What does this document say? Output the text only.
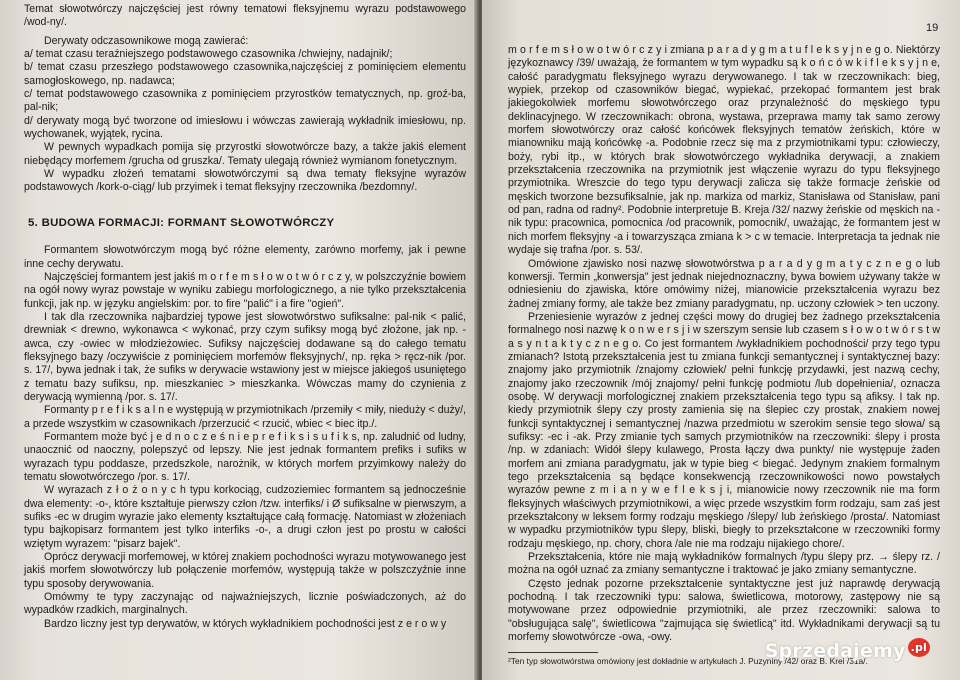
Temat słowotwórczy najczęściej jest równy tematowi fleksyjnemu wyrazu podstawowego /wod-ny/.

Derywaty odczasownikowe mogą zawierać:

a/ temat czasu teraźniejszego podstawowego czasownika /chwiejny, nadajnik/;

b/ temat czasu przeszłego podstawowego czasownika,najczęściej z pominięciem elementu samogłoskowego, np. nadawca;

c/ temat podstawowego czasownika z pominięciem przyrostków tematycznych, np. groź-ba, pal-nik;

d/ derywaty mogą być tworzone od imiesłowu i wówczas zawierają wykładnik imiesłowu, np. wychowanek, wyjątek, rycina.

W pewnych wypadkach pomija się przyrostki słowotwórcze bazy, a także jakiś element niebędący morfemem /grucha od gruszka/. Tematy ulegają również wymianom fonetycznym.

W wypadku złożeń tematami słowotwórczymi są dwa tematy fleksyjne wyrazów podstawowych /kork-o-ciąg/ lub przyimek i temat fleksyjny rzeczownika /bezdomny/.

5. BUDOWA FORMACJI: FORMANT SŁOWOTWÓRCZY

Formantem słowotwórczym mogą być różne elementy, zarówno morfemy, jak i pewne inne cechy derywatu.

Najczęściej formantem jest jakiś m o r f e m s ł o w o t w ó r c z y, w polszczyźnie bowiem na ogół nowy wyraz powstaje w wyniku zabiegu morfologicznego, a nie tylko przekształcenia funkcji, jak np. w języku angielskim: por. to fire "palić" i a fire "ogień".

I tak dla rzeczownika najbardziej typowe jest słowotwórstwo sufiksalne: pal-nik < palić, drewniak < drewno, wykonawca < wykonać, przy czym sufiksy mogą być złożone, jak np. -awca, czy -owiec w młodzieżowiec. Sufiksy najczęściej dodawane są do całego tematu fleksyjnego bazy /oczywiście z pominięciem morfemów fleksyjnych/, np. ręka > ręcz-nik /por. s. 17/, bywa jednak i tak, że sufiks w derywacie wstawiony jest w miejsce jakiegoś usuniętego z tematu bazy sufiksu, np. mieszkaniec > mieszkanka. Wówczas mamy do czynienia z derywacją wymienną /por. s. 17/.

Formanty p r e f i k s a l n e występują w przymiotnikach /przemiły < miły, nieduży < duży/, a przede wszystkim w czasownikach /przerzucić < rzucić, wbiec < biec itp./.

Formantem może być j e d n o c z e ś n i e p r e f i k s i s u f i k s, np. zaludnić od ludny, unaocznić od naoczny, polepszyć od lepszy. Nie jest jednak formantem prefiks i sufiks w wyrazach typu poddasze, przedszkole, narożnik, w których morfem przyimkowy należy do tematu słowotwórczego /por. s. 17/.

W wyrazach z ł o ż o n y c h typu korkociąg, cudzoziemiec formantem są jednocześnie dwa elementy: -o-, które kształtuje pierwszy człon /tzw. interfiks/ i Ø sufiksalne w pierwszym, a sufiks -ec w drugim wyrazie jako elementy kształtujące całą formację. Natomiast w złożeniach typu bajkopisarz formantem jest tylko interfiks -o-, a drugi człon jest po prostu w całości wziętym wyrazem: "pisarz bajek".

Oprócz derywacji morfemowej, w której znakiem pochodności wyrazu motywowanego jest jakiś morfem słowotwórczy lub połączenie morfemów, występują także w polszczyźnie inne typu sposoby derywowania.

Omówmy te typy zaczynając od najważniejszych, licznie poświadczonych, aż do wypadków rzadkich, marginalnych.

Bardzo liczny jest typ derywatów, w których wykładnikiem pochodności jest z e r o w y

19

m o r f e m s ł o w o t w ó r c z y i zmiana p a r a d y g m a t u f l e k s y j n e g o. Niektórzy językoznawcy /39/ uważają, że formantem w tym wypadku są k o ń c ó w k i f l e k s y j n e, całość paradygmatu fleksyjnego wyrazu derywowanego. I tak w rzeczownikach: bieg, wypiek, przekop od czasowników biegać, wypiekać, przekopać formantem jest brak jakiegokolwiek morfemu słowotwórczego oraz przynależność do męskiego typu deklinacyjnego. W rzeczownikach: obrona, wystawa, przeprawa mamy tak samo zerowy morfem słowotwórczy oraz całość końcówek fleksyjnych tematów żeńskich, które w mianowniku mają końcówkę -a. Podobnie rzecz się ma z przymiotnikami typu: człowieczy, boży, rybi itp., w których brak słowotwórczego wykładnika derywacji, a znakiem przekształcenia rzeczownika na przymiotnik jest włączenie wyrazu do typu fleksyjnego przymiotnika. Wreszcie do tego typu derywacji zalicza się także formacje żeńskie od męskich tworzone bezsufiksalnie, jak np. markiza od markiz, Stanisława od Stanisław, pani od pan, radna od radny². Podobnie interpretuje B. Kreja /32/ nazwy żeńskie od męskich na -nik typu: pracownica, pomocnica /od pracownik, pomocnik/, uważając, że formantem jest w nich morfem fleksyjny -a i towarzysząca zmiana k > c w temacie. Interpretacja ta jednak nie wydaje się trafna /por. s. 53/.

Omówione zjawisko nosi nazwę słowotwórstwa p a r a d y g m a t y c z n e g o lub konwersji. Termin „konwersja" jest jednak niejednoznaczny, bywa bowiem używany także w odniesieniu do zjawiska, które omówimy niżej, mianowicie przekształcenia wyrazu bez żadnej zmiany formy, ale także bez zmiany paradygmatu, np. uczony człowiek > ten uczony.

Przeniesienie wyrazów z jednej części mowy do drugiej bez żadnego przekształcenia formalnego nosi nazwę k o n w e r s j i w szerszym sensie lub czasem s ł o w o t w ó r s t w a s y n t a k t y c z n e g o. Co jest formantem /wykładnikiem pochodności/ przy tego typu zmianach? Istotą przekształcenia jest tu zmiana funkcji semantycznej i syntaktycznej bazy: znajomy jako przymiotnik /znajomy człowiek/ pełni funkcję przydawki, jest nazwą cechy, znajomy jako rzeczownik /mój znajomy/ pełni funkcję podmiotu /lub dopełnienia/, oznacza osobę. W derywacji morfologicznej znakiem przekształcenia tego typu są afiksy. I tak np. kiedy przymiotnik ślepy czy prosty zamienia się na ślepiec czy prostak, znakiem nowej funkcji syntaktycznej i semantycznej /nazwa przedmiotu w szerokim sensie tego słowa/ są sufiksy: -ec i -ak. Przy zmianie tych samych przymiotników na rzeczowniki: ślepy i prosta /np. w zdaniach: Widół ślepy kulawego, Prosta łączy dwa punkty/ nie występuje żaden morfem ani zmiana paradygmatu, jak w typie bieg < biegać. Jedynym znakiem formalnym tego przekształcenia są będące konsekwencją rzeczownikowości nowo powstałych wyrazów pewne z m i a n y w e f l e k s j i, mianowicie nowy rzeczownik nie ma form fleksyjnych właściwych przymiotnikowi, a więc przede wszystkim form rodzaju, sam zaś jest przekształcony w leksem formy rodzaju męskiego /ślepy/ lub żeńskiego /prosta/. Natomiast w wypadku przymiotników typu ślepy, bliski, biegły to przekształcone w rzeczowniki formy rodzaju męskiego, np. chory, chora /ale nie ma rodzaju nijakiego chore/.

Przekształcenia, które nie mają wykładników formalnych /typu ślepy prz. → ślepy rz. / można na ogół uznać za zmiany semantyczne i traktować je jako zmiany semantyczne.

Często jednak pozorne przekształcenie syntaktyczne jest już naprawdę derywacją pochodną. I tak rzeczowniki typu: salowa, świetlicowa, motorowy, zastępowy nie są motywowane przez odpowiednie przymiotniki, ale przez rzeczowniki: salowa to "obsługująca salę", świetlicowa "zajmująca się świetlicą" itd. Wykładnikami derywacji są tu morfemy słowotwórcze -owa, -owy.

²Ten typ słowotwórstwa omówiony jest dokładnie w artykułach J. Puzyniny /42/ oraz B. Krei /31a/.

Sprzedajemy $^{.pl}$
